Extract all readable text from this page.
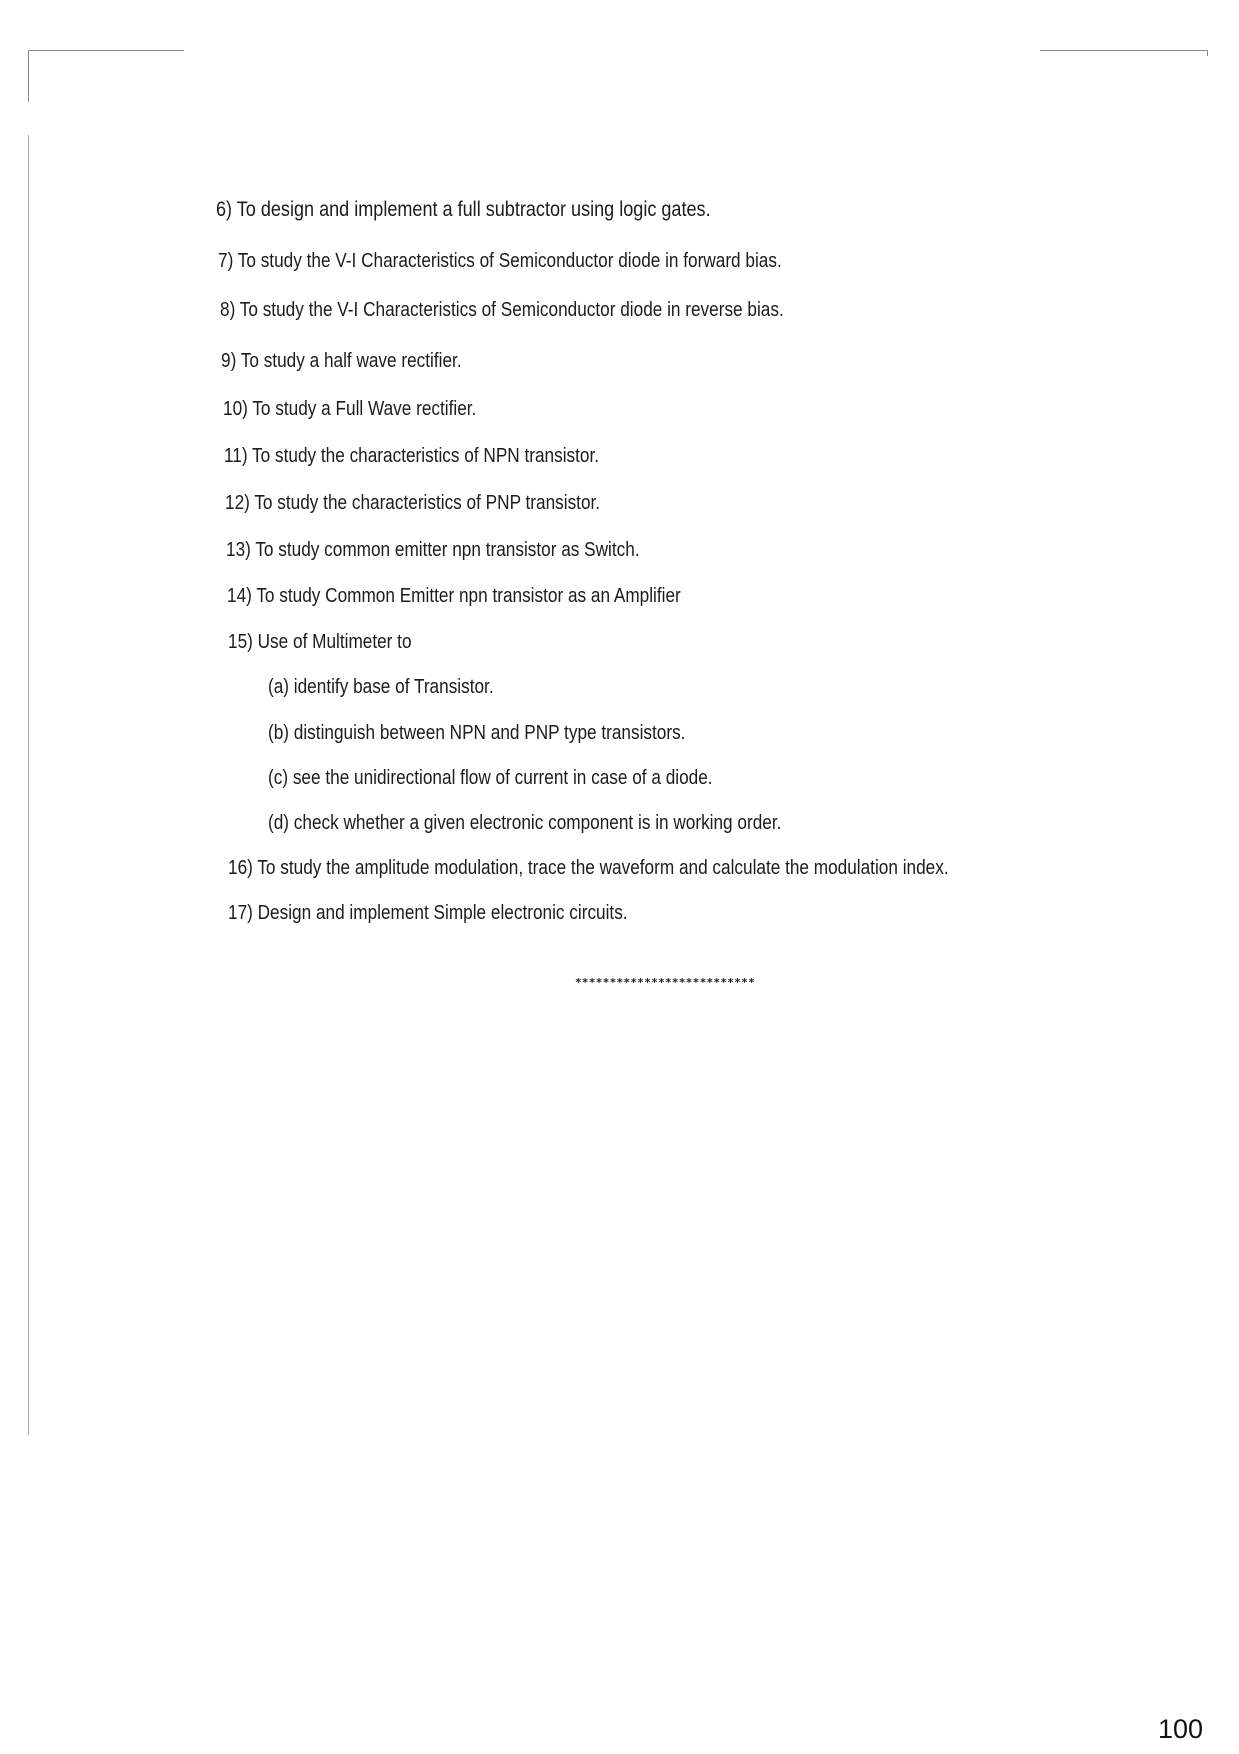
6) To design and implement a full subtractor using logic gates.
7) To study the V-I Characteristics of Semiconductor diode in forward bias.
8) To study the V-I Characteristics of Semiconductor diode in reverse bias.
9) To study a half wave rectifier.
10) To study a Full Wave rectifier.
11) To study the characteristics of NPN transistor.
12) To study the characteristics of PNP transistor.
13) To study common emitter npn transistor as Switch.
14) To study Common Emitter npn transistor as an Amplifier
15) Use of Multimeter to
(a) identify base of Transistor.
(b) distinguish between NPN and PNP type transistors.
(c) see the unidirectional flow of current in case of a diode.
(d) check whether a given electronic component is in working order.
16) To study the amplitude modulation, trace the waveform and calculate the modulation index.
17) Design and implement Simple electronic circuits.
**************************
100
